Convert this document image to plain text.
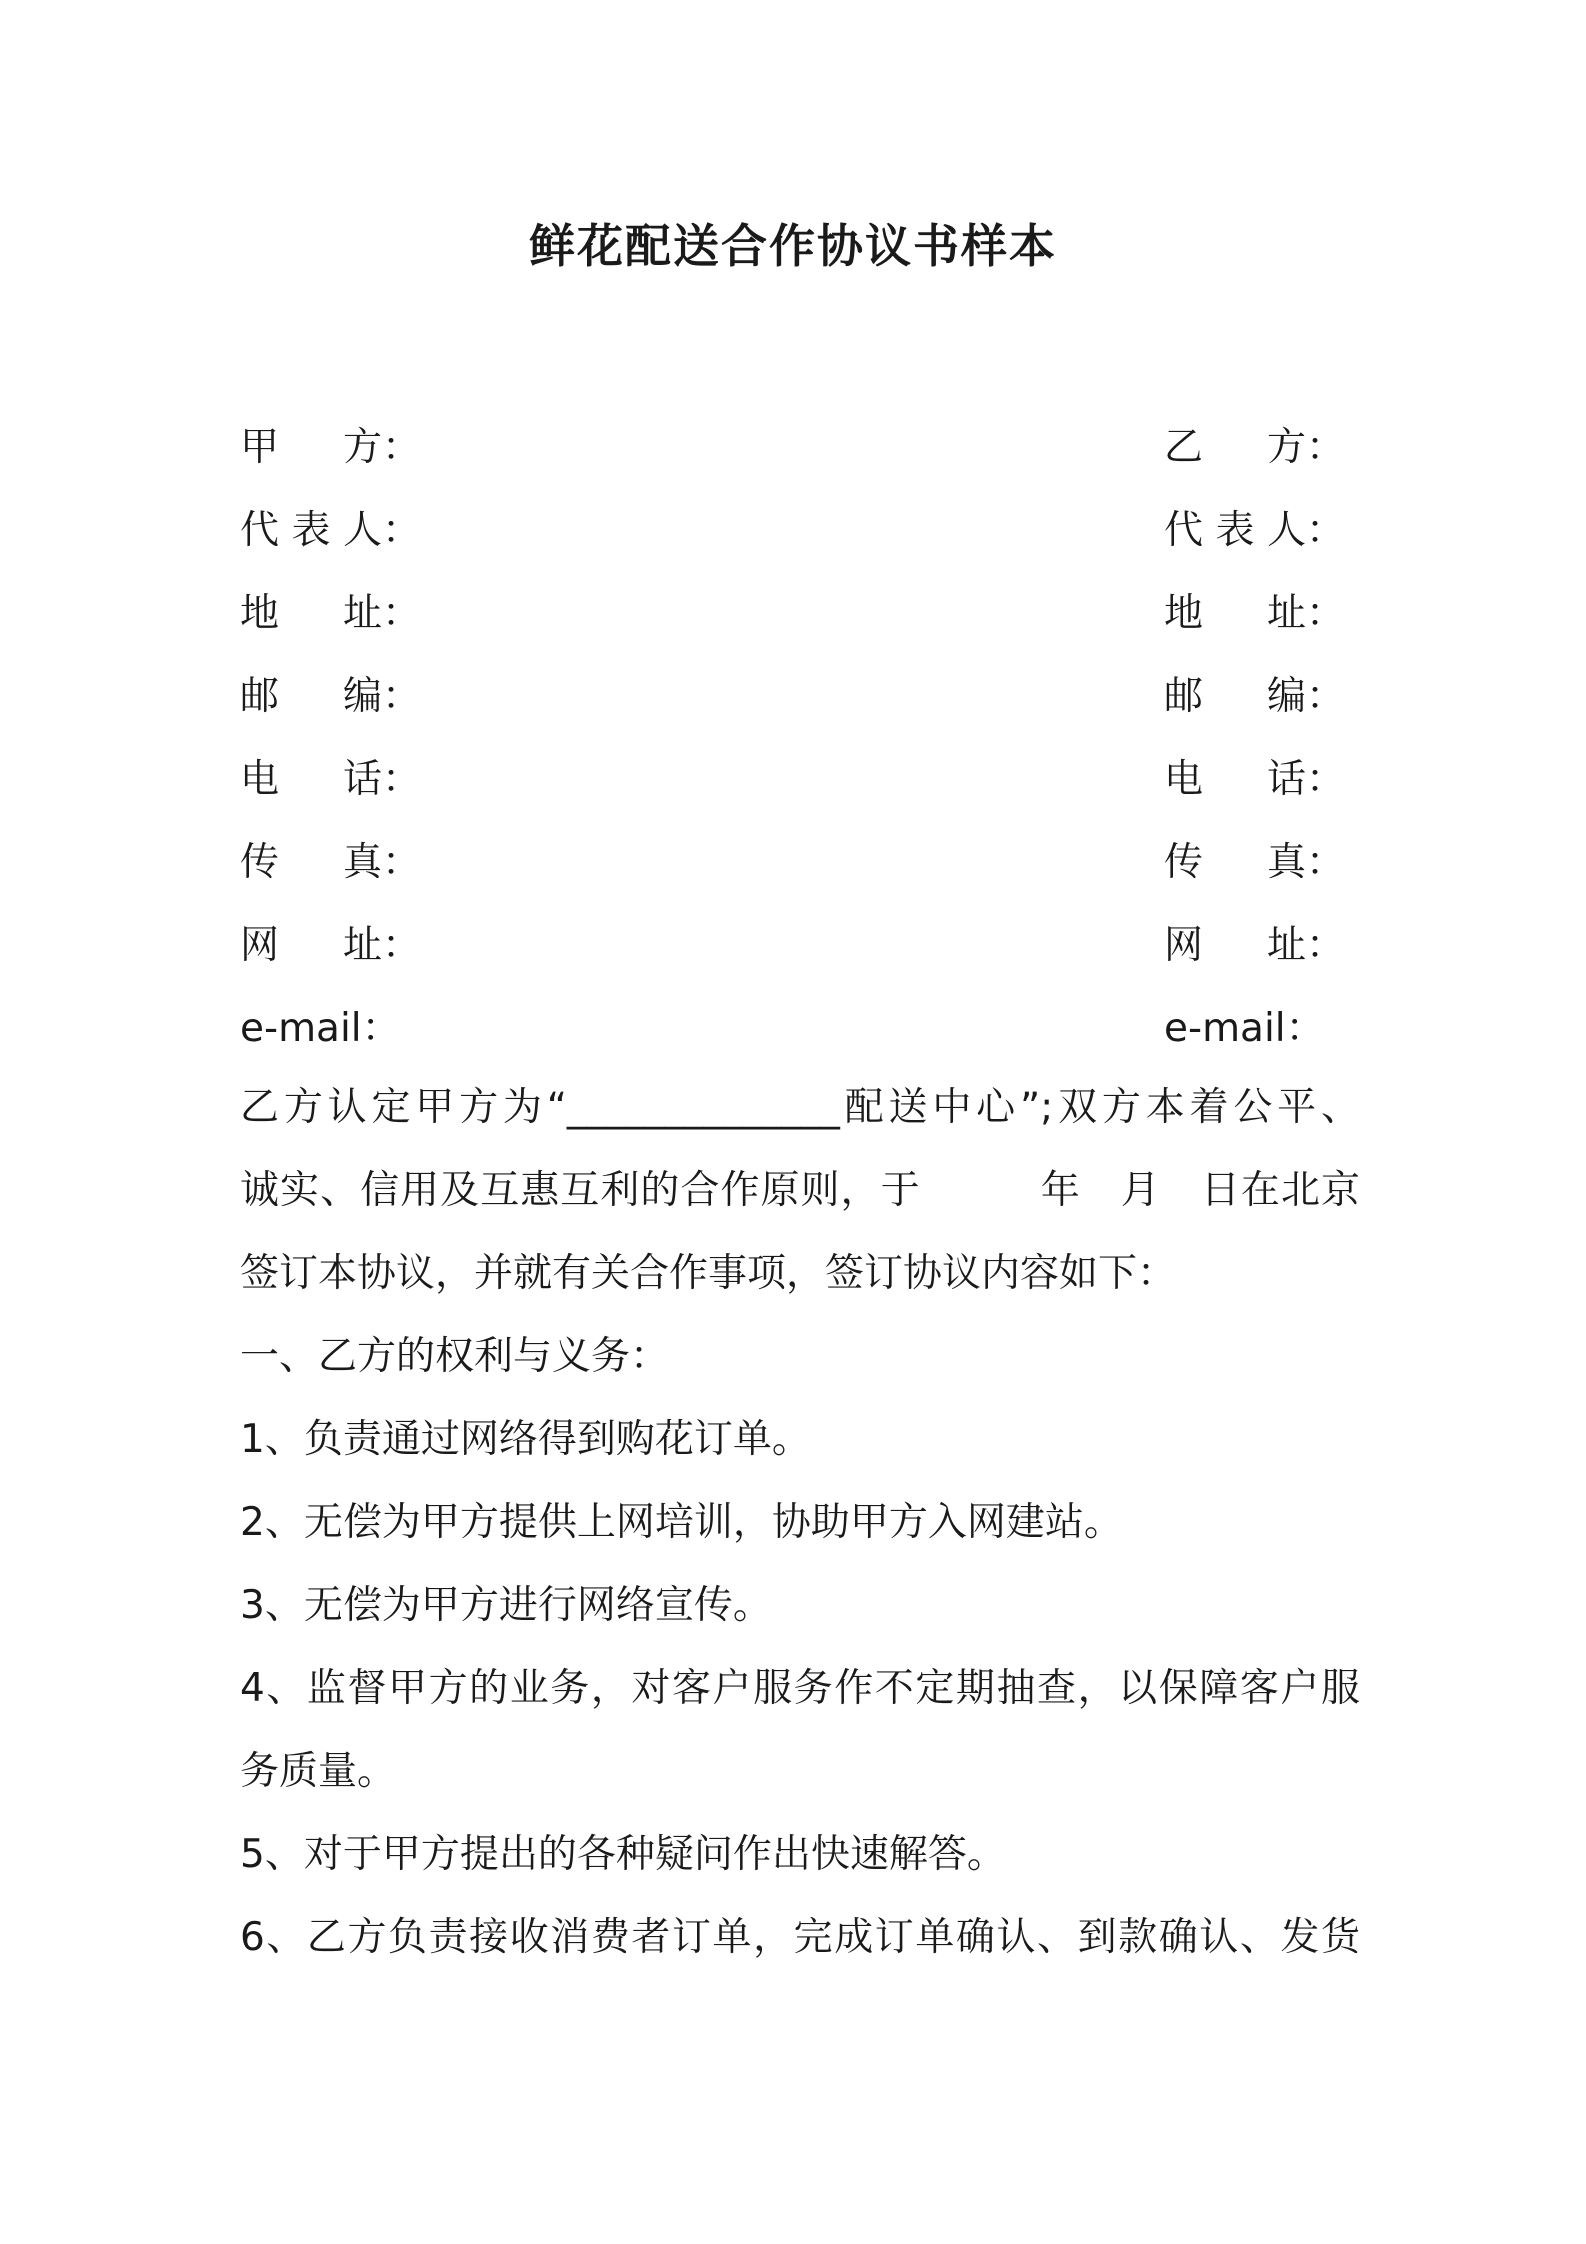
鲜花配送合作协议书样本
甲　方 ：
代表人 ：
地　址 ：
邮　编 ：
电　话 ：
传　真 ：
网　址 ：
e-mail ：
乙　方 ：
代表人 ：
地　址 ：
邮　编 ：
电　话 ：
传　真 ：
网　址 ：
e-mail ：
乙方认定甲方为“______________配送中心”;双方本着公平、
诚实、信用及互惠互利的合作原则，于　　　年　月　日在北京
签订本协议，并就有关合作事项，签订协议内容如下：
一、乙方的权利与义务：
1、负责通过网络得到购花订单。
2、无偿为甲方提供上网培训，协助甲方入网建站。
3、无偿为甲方进行网络宣传。
4、监督甲方的业务，对客户服务作不定期抽查，以保障客户服
务质量。
5、对于甲方提出的各种疑问作出快速解答。
6、乙方负责接收消费者订单，完成订单确认、到款确认、发货
